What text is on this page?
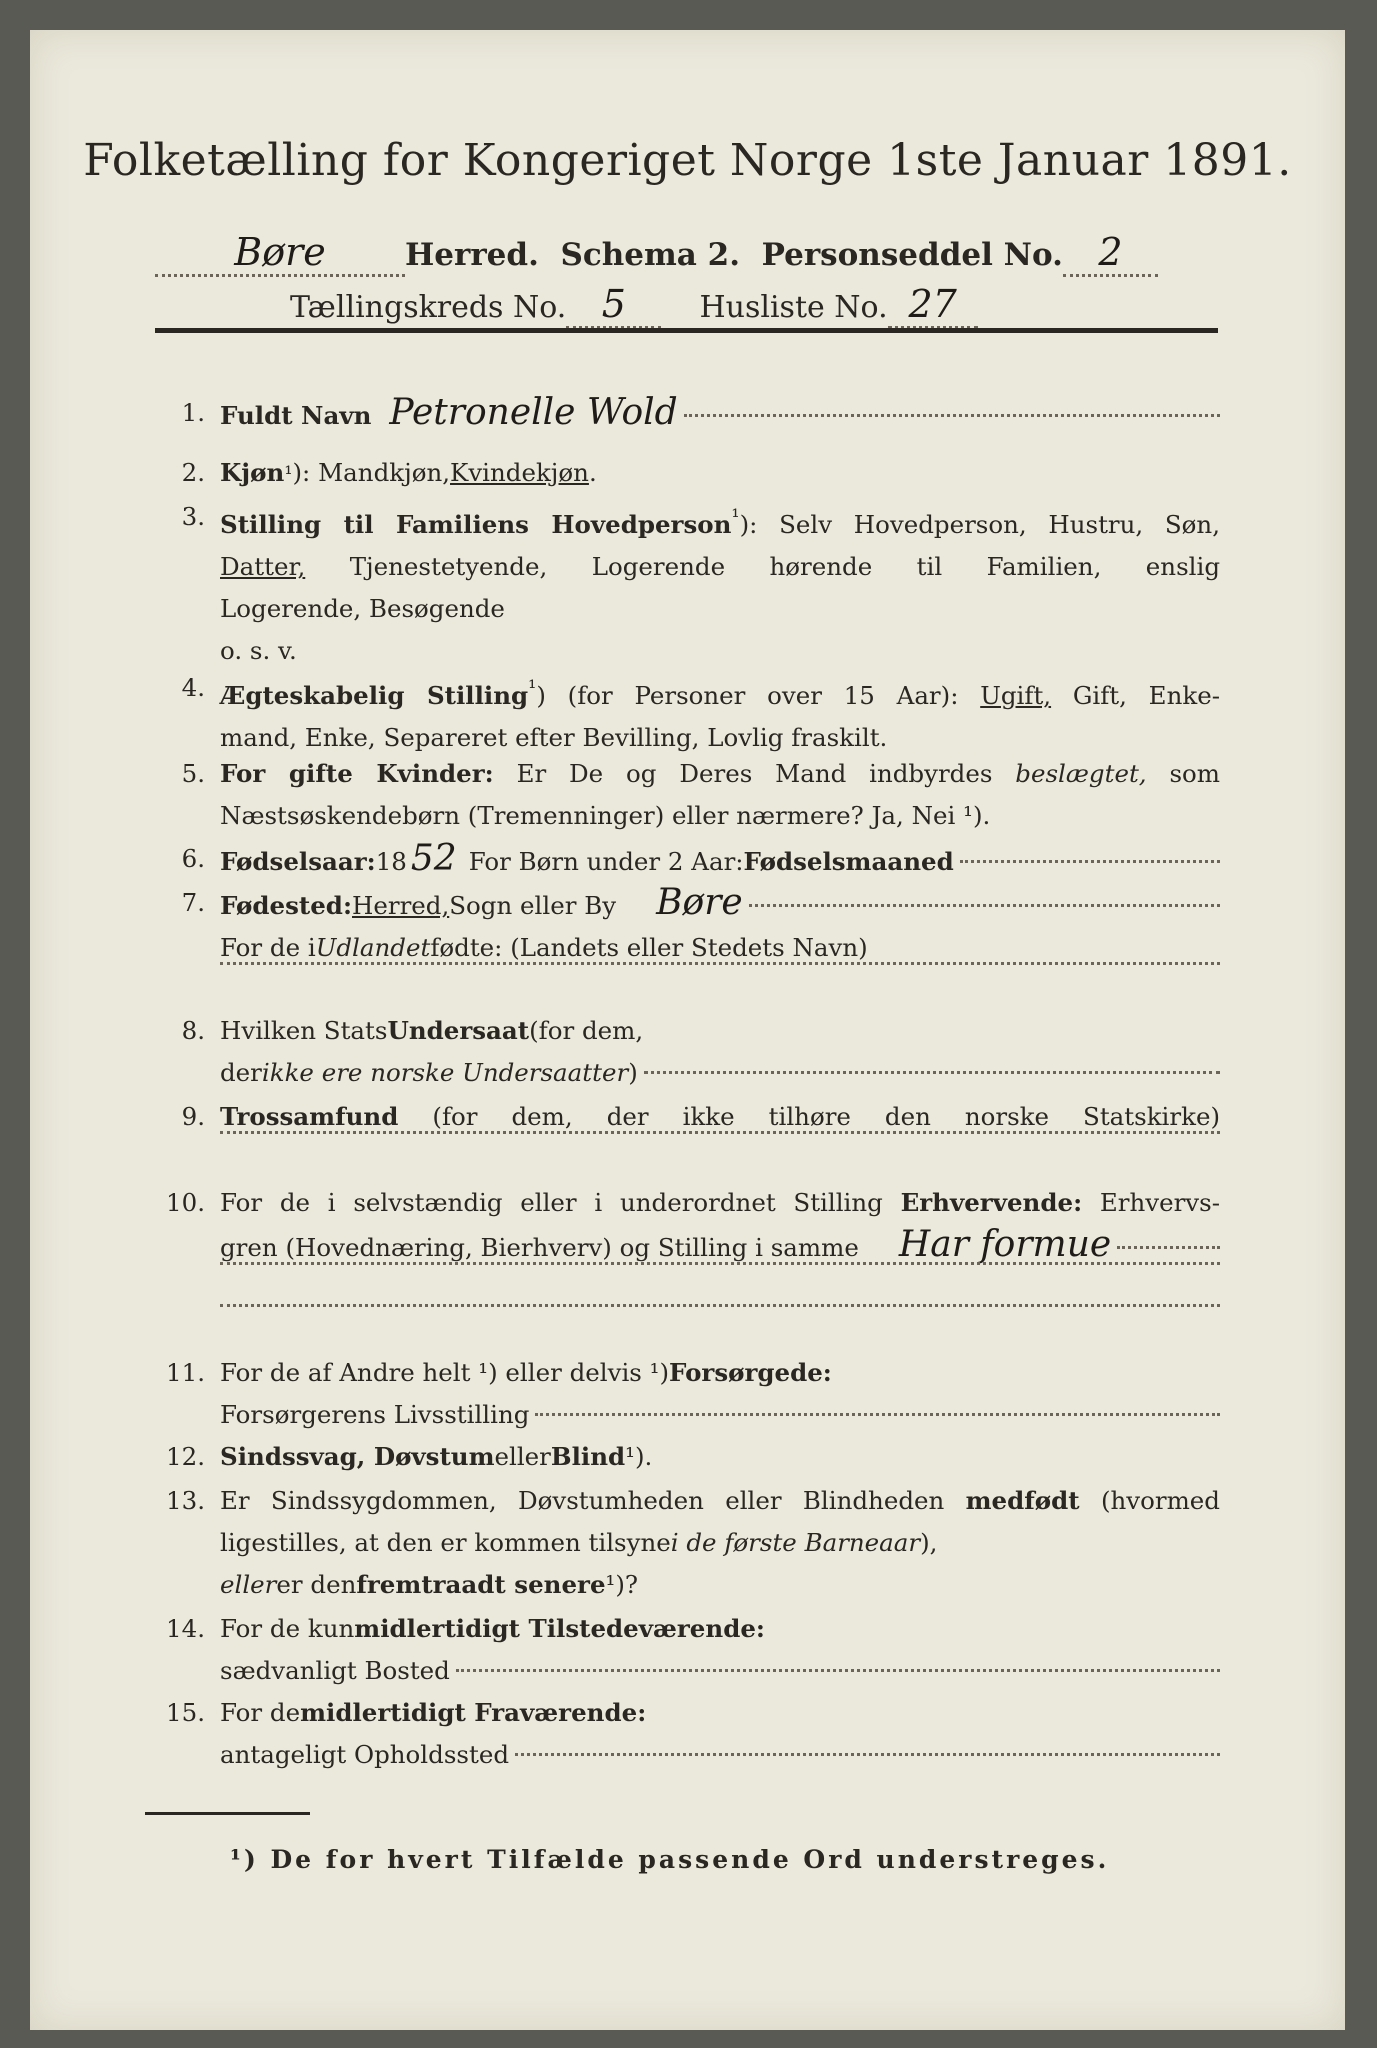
Folketælling for Kongeriget Norge 1ste Januar 1891.
Børe	Herred. Schema 2. Personseddel No. 2
Tællingskreds No. 5 Husliste No. 27
1. Fuldt Navn Petronelle Wold
2. Kjøn ¹ ): Mandkjøn, Kvindekjøn .
3. Stilling til Familiens Hovedperson$^{^1}$): Selv Hovedperson, Hustru, Søn,
Datter, Tjenestetyende, Logerende hørende til Familien, enslig
Logerende, Besøgende
o. s. v.
4. Ægteskabelig Stilling$^{^1}$) (for Personer over 15 Aar): Ugift, Gift, Enke-
mand, Enke, Separeret efter Bevilling, Lovlig fraskilt.
5. For gifte Kvinder: Er De og Deres Mand indbyrdes beslægtet, som
Næstsøskendebørn (Tremenninger) eller nærmere? Ja, Nei ¹).
6. Fødselsaar: 18 52 For Børn under 2 Aar: Fødselsmaaned
7. Fødested: Herred, Sogn eller By Børe
For de i Udlandet fødte: (Landets eller Stedets Navn)
8. Hvilken Stats Undersaat (for dem,
der ikke ere norske Undersaatter )
9. Trossamfund (for dem, der ikke tilhøre den norske Statskirke)
10. For de i selvstændig eller i underordnet Stilling Erhvervende: Erhvervs-
gren (Hovednæring, Bierhverv) og Stilling i samme Har formue
11. For de af Andre helt ¹) eller delvis ¹) Forsørgede:
Forsørgerens Livsstilling
12. Sindssvag, Døvstum eller Blind ¹).
13. Er Sindssygdommen, Døvstumheden eller Blindheden medfødt (hvormed
ligestilles, at den er kommen tilsyne i de første Barneaar ),
eller er den fremtraadt senere ¹)?
14. For de kun midlertidigt Tilstedeværende:
sædvanligt Bosted
15. For de midlertidigt Fraværende:
antageligt Opholdssted
¹) De for hvert Tilfælde passende Ord understreges.
